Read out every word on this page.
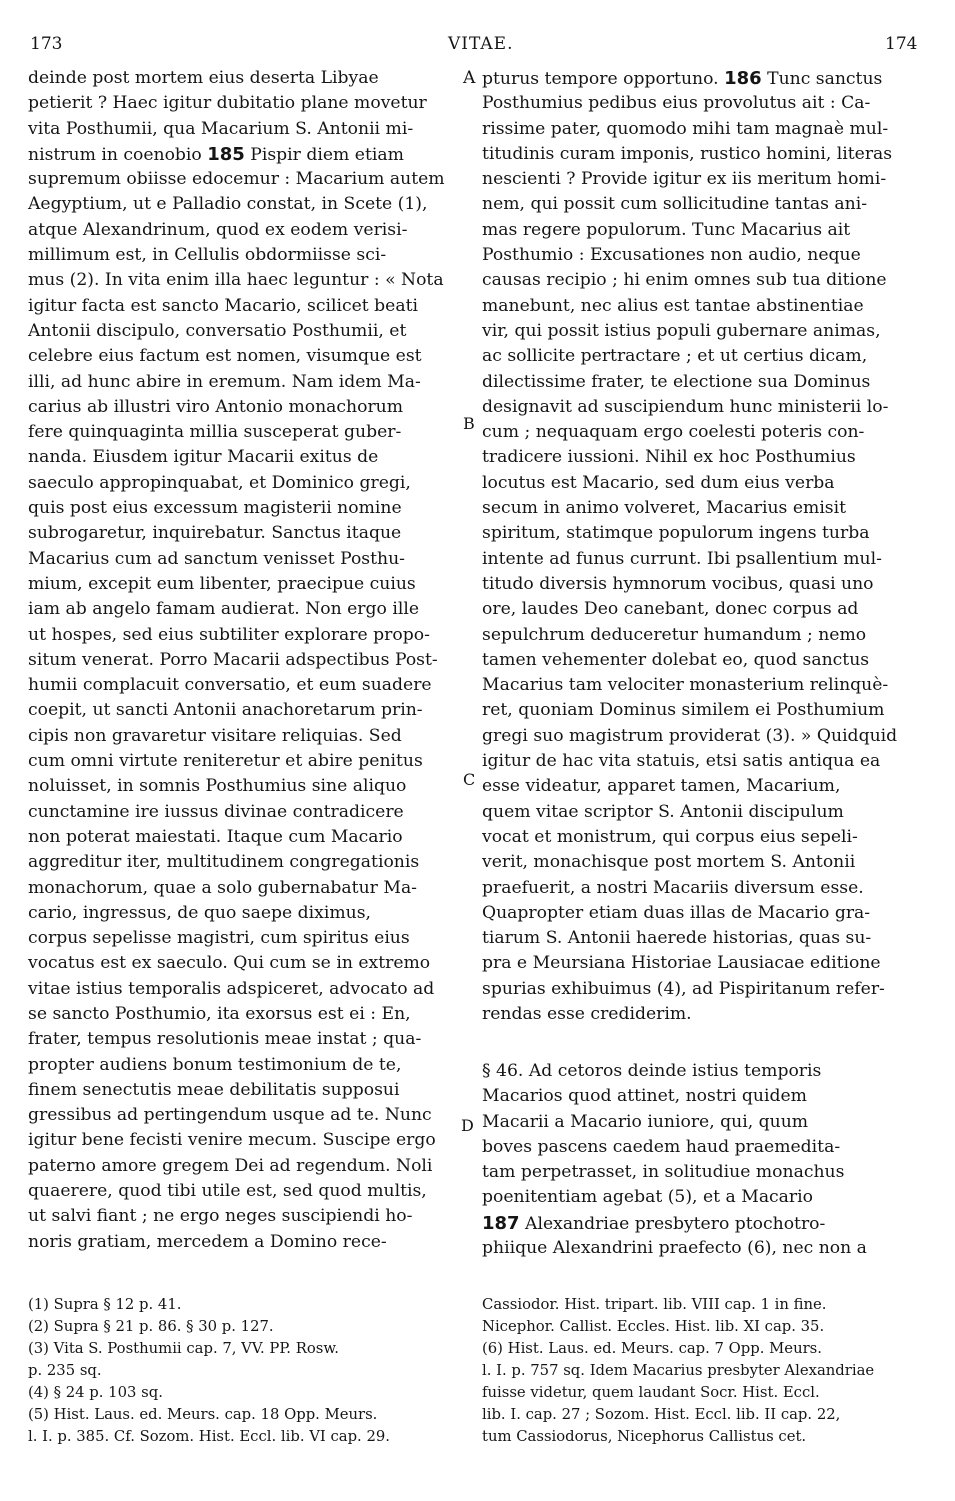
173	VITAE.	174
A
B
C
D
deinde post mortem eius deserta Libyae
petierit ? Haec igitur dubitatio plane movetur
vita Posthumii, qua Macarium S. Antonii mi-
nistrum in coenobio 185 Pispir diem etiam
supremum obiisse edocemur : Macarium autem
Aegyptium, ut e Palladio constat, in Scete (1),
atque Alexandrinum, quod ex eodem verisi-
millimum est, in Cellulis obdormiisse sci-
mus (2). In vita enim illa haec leguntur : « Nota
igitur facta est sancto Macario, scilicet beati
Antonii discipulo, conversatio Posthumii, et
celebre eius factum est nomen, visumque est
illi, ad hunc abire in eremum. Nam idem Ma-
carius ab illustri viro Antonio monachorum
fere quinquaginta millia susceperat guber-
nanda. Eiusdem igitur Macarii exitus de
saeculo appropinquabat, et Dominico gregi,
quis post eius excessum magisterii nomine
subrogaretur, inquirebatur. Sanctus itaque
Macarius cum ad sanctum venisset Posthu-
mium, excepit eum libenter, praecipue cuius
iam ab angelo famam audierat. Non ergo ille
ut hospes, sed eius subtiliter explorare propo-
situm venerat. Porro Macarii adspectibus Post-
humii complacuit conversatio, et eum suadere
coepit, ut sancti Antonii anachoretarum prin-
cipis non gravaretur visitare reliquias. Sed
cum omni virtute reniteretur et abire penitus
noluisset, in somnis Posthumius sine aliquo
cunctamine ire iussus divinae contradicere
non poterat maiestati. Itaque cum Macario
aggreditur iter, multitudinem congregationis
monachorum, quae a solo gubernabatur Ma-
cario, ingressus, de quo saepe diximus,
corpus sepelisse magistri, cum spiritus eius
vocatus est ex saeculo. Qui cum se in extremo
vitae istius temporalis adspiceret, advocato ad
se sancto Posthumio, ita exorsus est ei : En,
frater, tempus resolutionis meae instat ; qua-
propter audiens bonum testimonium de te,
finem senectutis meae debilitatis supposui
gressibus ad pertingendum usque ad te. Nunc
igitur bene fecisti venire mecum. Suscipe ergo
paterno amore gregem Dei ad regendum. Noli
quaerere, quod tibi utile est, sed quod multis,
ut salvi fiant ; ne ergo neges suscipiendi ho-
noris gratiam, mercedem a Domino rece-
pturus tempore opportuno. 186 Tunc sanctus
Posthumius pedibus eius provolutus ait : Ca-
rissime pater, quomodo mihi tam magnaè mul-
titudinis curam imponis, rustico homini, literas
nescienti ? Provide igitur ex iis meritum homi-
nem, qui possit cum sollicitudine tantas ani-
mas regere populorum. Tunc Macarius ait
Posthumio : Excusationes non audio, neque
causas recipio ; hi enim omnes sub tua ditione
manebunt, nec alius est tantae abstinentiae
vir, qui possit istius populi gubernare animas,
ac sollicite pertractare ; et ut certius dicam,
dilectissime frater, te electione sua Dominus
designavit ad suscipiendum hunc ministerii lo-
cum ; nequaquam ergo coelesti poteris con-
tradicere iussioni. Nihil ex hoc Posthumius
locutus est Macario, sed dum eius verba
secum in animo volveret, Macarius emisit
spiritum, statimque populorum ingens turba
intente ad funus currunt. Ibi psallentium mul-
titudo diversis hymnorum vocibus, quasi uno
ore, laudes Deo canebant, donec corpus ad
sepulchrum deduceretur humandum ; nemo
tamen vehementer dolebat eo, quod sanctus
Macarius tam velociter monasterium relinquè-
ret, quoniam Dominus similem ei Posthumium
gregi suo magistrum providerat (3). » Quidquid
igitur de hac vita statuis, etsi satis antiqua ea
esse videatur, apparet tamen, Macarium,
quem vitae scriptor S. Antonii discipulum
vocat et monistrum, qui corpus eius sepeli-
verit, monachisque post mortem S. Antonii
praefuerit, a nostri Macariis diversum esse.
Quapropter etiam duas illas de Macario gra-
tiarum S. Antonii haerede historias, quas su-
pra e Meursiana Historiae Lausiacae editione
spurias exhibuimus (4), ad Pispiritanum refer-
rendas esse crediderim.
§ 46. Ad cetoros deinde istius temporis
Macarios quod attinet, nostri quidem
Macarii a Macario iuniore, qui, quum
boves pascens caedem haud praemedita-
tam perpetrasset, in solitudiue monachus
poenitentiam agebat (5), et a Macario
187 Alexandriae presbytero ptochotro-
phiique Alexandrini praefecto (6), nec non a
(1) Supra § 12 p. 41.
(2) Supra § 21 p. 86. § 30 p. 127.
(3) Vita S. Posthumii cap. 7, VV. PP. Rosw.
p. 235 sq.
(4) § 24 p. 103 sq.
(5) Hist. Laus. ed. Meurs. cap. 18 Opp. Meurs.
l. I. p. 385. Cf. Sozom. Hist. Eccl. lib. VI cap. 29.
Cassiodor. Hist. tripart. lib. VIII cap. 1 in fine.
Nicephor. Callist. Eccles. Hist. lib. XI cap. 35.
(6) Hist. Laus. ed. Meurs. cap. 7 Opp. Meurs.
l. I. p. 757 sq. Idem Macarius presbyter Alexandriae
fuisse videtur, quem laudant Socr. Hist. Eccl.
lib. I. cap. 27 ; Sozom. Hist. Eccl. lib. II cap. 22,
tum Cassiodorus, Nicephorus Callistus cet.
